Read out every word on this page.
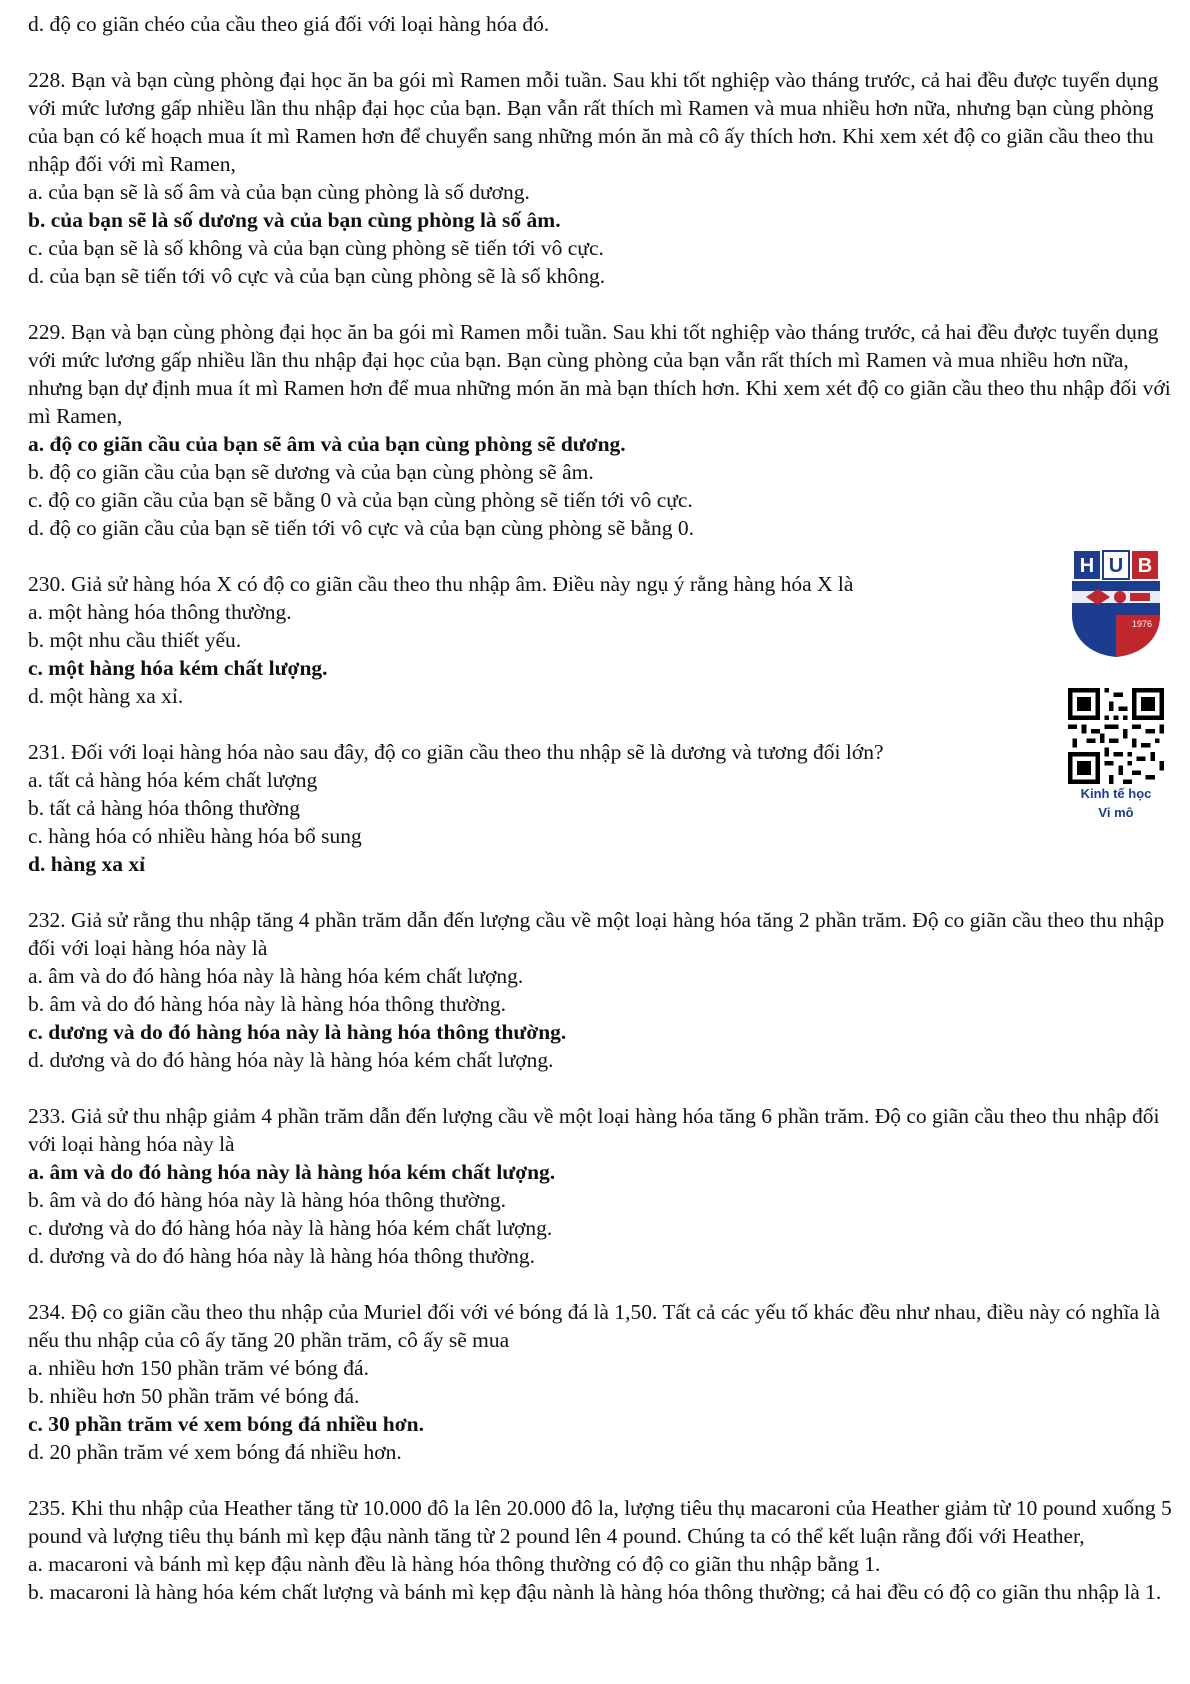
d. độ co giãn chéo của cầu theo giá đối với loại hàng hóa đó.
228. Bạn và bạn cùng phòng đại học ăn ba gói mì Ramen mỗi tuần. Sau khi tốt nghiệp vào tháng trước, cả hai đều được tuyển dụng với mức lương gấp nhiều lần thu nhập đại học của bạn. Bạn vẫn rất thích mì Ramen và mua nhiều hơn nữa, nhưng bạn cùng phòng của bạn có kế hoạch mua ít mì Ramen hơn để chuyển sang những món ăn mà cô ấy thích hơn. Khi xem xét độ co giãn cầu theo thu nhập đối với mì Ramen,
a. của bạn sẽ là số âm và của bạn cùng phòng là số dương.
b. của bạn sẽ là số dương và của bạn cùng phòng là số âm.
c. của bạn sẽ là số không và của bạn cùng phòng sẽ tiến tới vô cực.
d. của bạn sẽ tiến tới vô cực và của bạn cùng phòng sẽ là số không.
229. Bạn và bạn cùng phòng đại học ăn ba gói mì Ramen mỗi tuần. Sau khi tốt nghiệp vào tháng trước, cả hai đều được tuyển dụng với mức lương gấp nhiều lần thu nhập đại học của bạn. Bạn cùng phòng của bạn vẫn rất thích mì Ramen và mua nhiều hơn nữa, nhưng bạn dự định mua ít mì Ramen hơn để mua những món ăn mà bạn thích hơn. Khi xem xét độ co giãn cầu theo thu nhập đối với mì Ramen,
a. độ co giãn cầu của bạn sẽ âm và của bạn cùng phòng sẽ dương.
b. độ co giãn cầu của bạn sẽ dương và của bạn cùng phòng sẽ âm.
c. độ co giãn cầu của bạn sẽ bằng 0 và của bạn cùng phòng sẽ tiến tới vô cực.
d. độ co giãn cầu của bạn sẽ tiến tới vô cực và của bạn cùng phòng sẽ bằng 0.
230. Giả sử hàng hóa X có độ co giãn cầu theo thu nhập âm. Điều này ngụ ý rằng hàng hóa X là
a. một hàng hóa thông thường.
b. một nhu cầu thiết yếu.
c. một hàng hóa kém chất lượng.
d. một hàng xa xỉ.
231. Đối với loại hàng hóa nào sau đây, độ co giãn cầu theo thu nhập sẽ là dương và tương đối lớn?
a. tất cả hàng hóa kém chất lượng
b. tất cả hàng hóa thông thường
c. hàng hóa có nhiều hàng hóa bổ sung
d. hàng xa xỉ
232. Giả sử rằng thu nhập tăng 4 phần trăm dẫn đến lượng cầu về một loại hàng hóa tăng 2 phần trăm. Độ co giãn cầu theo thu nhập đối với loại hàng hóa này là
a. âm và do đó hàng hóa này là hàng hóa kém chất lượng.
b. âm và do đó hàng hóa này là hàng hóa thông thường.
c. dương và do đó hàng hóa này là hàng hóa thông thường.
d. dương và do đó hàng hóa này là hàng hóa kém chất lượng.
233. Giả sử thu nhập giảm 4 phần trăm dẫn đến lượng cầu về một loại hàng hóa tăng 6 phần trăm. Độ co giãn cầu theo thu nhập đối với loại hàng hóa này là
a. âm và do đó hàng hóa này là hàng hóa kém chất lượng.
b. âm và do đó hàng hóa này là hàng hóa thông thường.
c. dương và do đó hàng hóa này là hàng hóa kém chất lượng.
d. dương và do đó hàng hóa này là hàng hóa thông thường.
234. Độ co giãn cầu theo thu nhập của Muriel đối với vé bóng đá là 1,50. Tất cả các yếu tố khác đều như nhau, điều này có nghĩa là nếu thu nhập của cô ấy tăng 20 phần trăm, cô ấy sẽ mua
a. nhiều hơn 150 phần trăm vé bóng đá.
b. nhiều hơn 50 phần trăm vé bóng đá.
c. 30 phần trăm vé xem bóng đá nhiều hơn.
d. 20 phần trăm vé xem bóng đá nhiều hơn.
235. Khi thu nhập của Heather tăng từ 10.000 đô la lên 20.000 đô la, lượng tiêu thụ macaroni của Heather giảm từ 10 pound xuống 5 pound và lượng tiêu thụ bánh mì kẹp đậu nành tăng từ 2 pound lên 4 pound. Chúng ta có thể kết luận rằng đối với Heather,
a. macaroni và bánh mì kẹp đậu nành đều là hàng hóa thông thường có độ co giãn thu nhập bằng 1.
b. macaroni là hàng hóa kém chất lượng và bánh mì kẹp đậu nành là hàng hóa thông thường; cả hai đều có độ co giãn thu nhập là 1.
H U B
1976
Kinh tế học
Vi mô
